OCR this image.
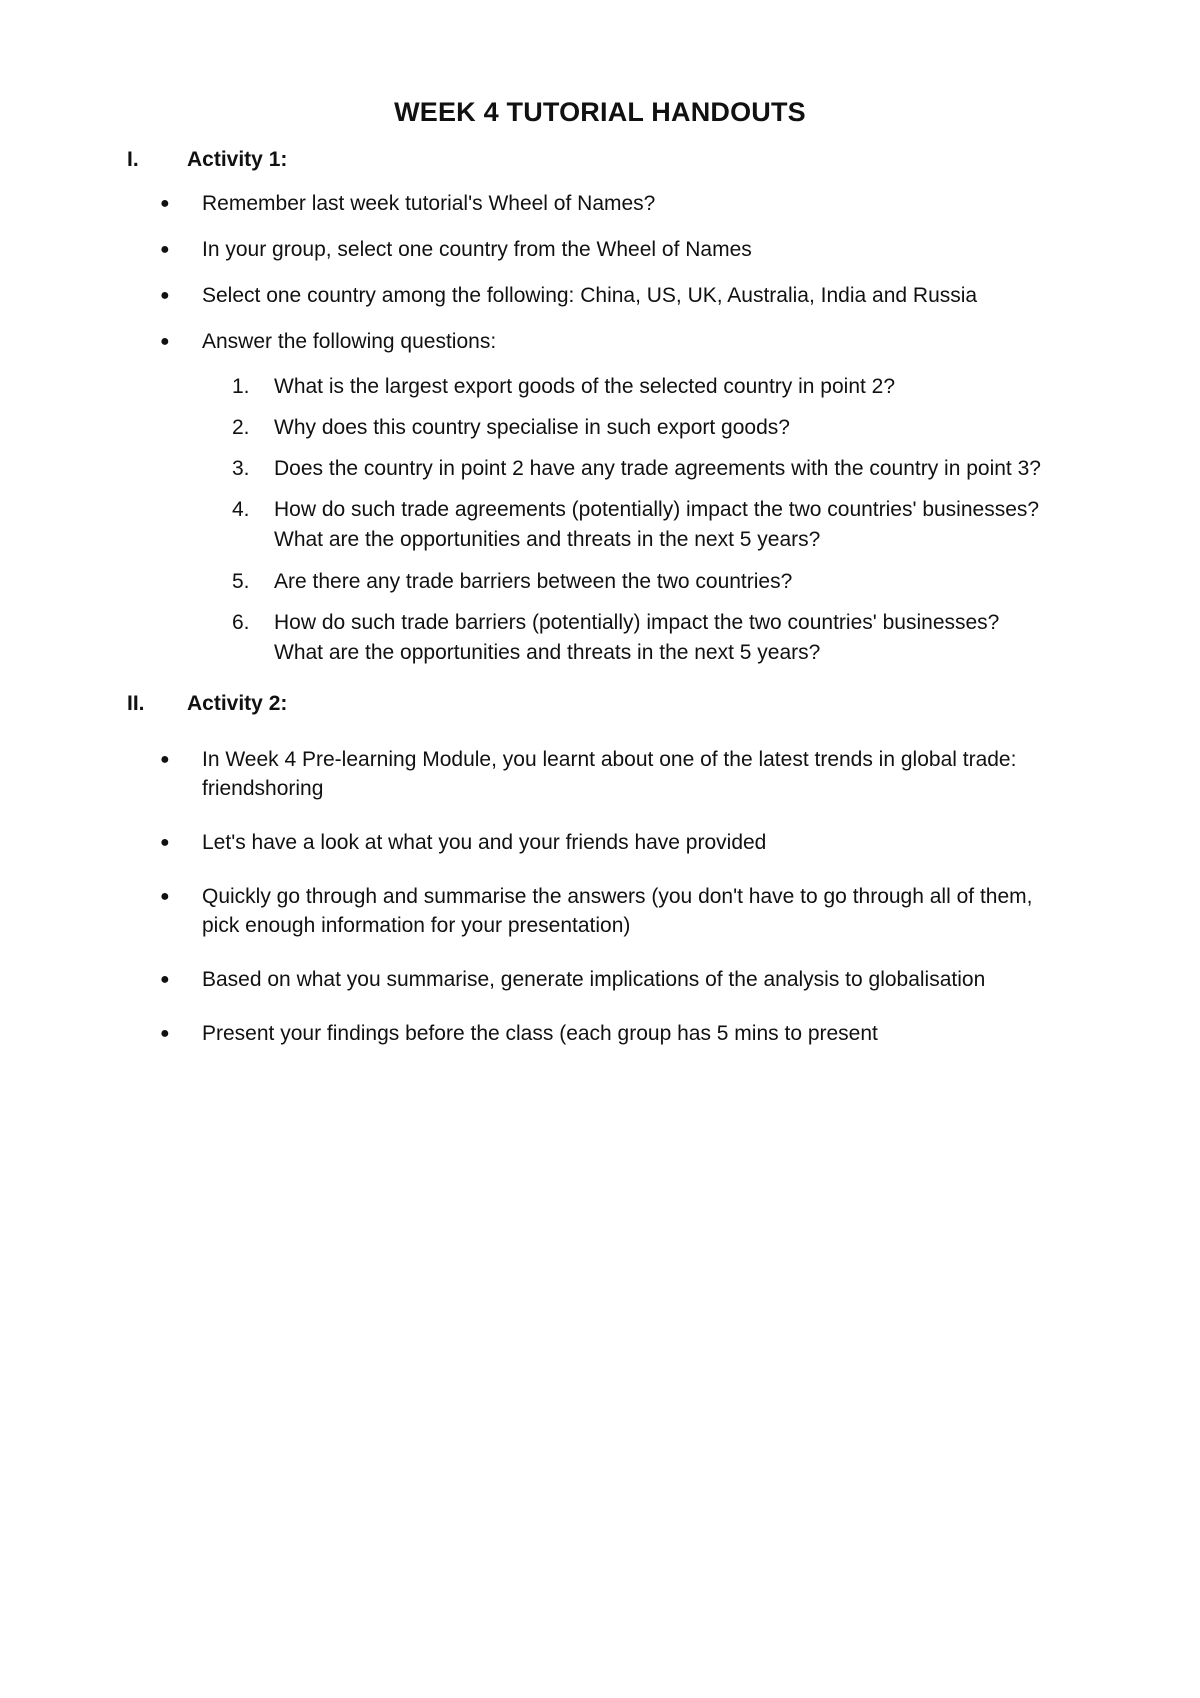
WEEK 4 TUTORIAL HANDOUTS
I. Activity 1:
● Remember last week tutorial's Wheel of Names?
● In your group, select one country from the Wheel of Names
● Select one country among the following: China, US, UK, Australia, India and Russia
● Answer the following questions:
1. What is the largest export goods of the selected country in point 2?
2. Why does this country specialise in such export goods?
3. Does the country in point 2 have any trade agreements with the country in point 3?
4. How do such trade agreements (potentially) impact the two countries' businesses?
What are the opportunities and threats in the next 5 years?
5. Are there any trade barriers between the two countries?
6. How do such trade barriers (potentially) impact the two countries' businesses?
What are the opportunities and threats in the next 5 years?
II. Activity 2:
● In Week 4 Pre-learning Module, you learnt about one of the latest trends in global trade:
friendshoring
● Let's have a look at what you and your friends have provided
● Quickly go through and summarise the answers (you don't have to go through all of them,
pick enough information for your presentation)
● Based on what you summarise, generate implications of the analysis to globalisation
● Present your findings before the class (each group has 5 mins to present
